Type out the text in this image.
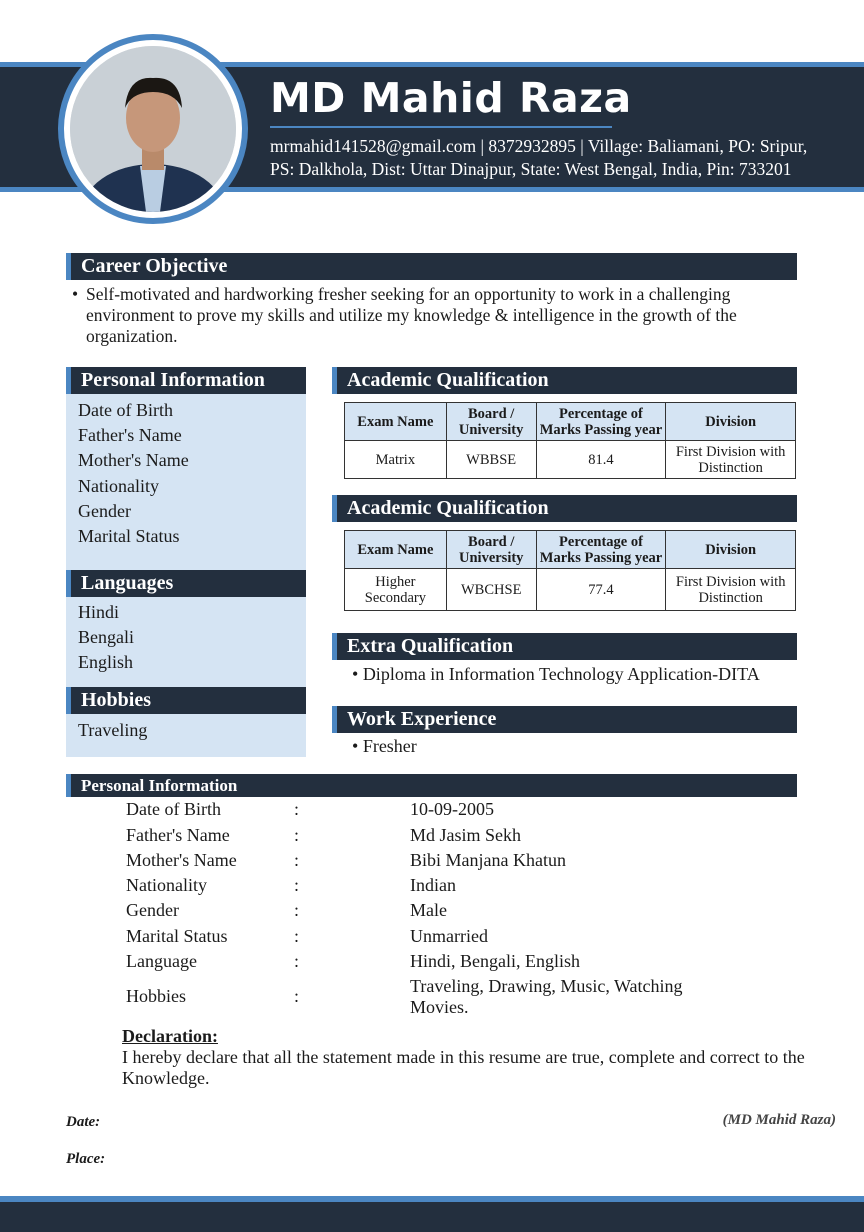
MD Mahid Raza
mrmahid141528@gmail.com | 8372932895 | Village: Baliamani, PO: Sripur,
PS: Dalkhola, Dist: Uttar Dinajpur, State: West Bengal, India, Pin: 733201
Career Objective
• Self-motivated and hardworking fresher seeking for an opportunity to work in a challenging environment to prove my skills and utilize my knowledge & intelligence in the growth of the organization.
Personal Information
Date of Birth
Father's Name
Mother's Name
Nationality
Gender
Marital Status
Languages
Hindi
Bengali
English
Hobbies
Traveling
Academic Qualification
Exam Name	Board / University	Percentage of Marks Passing year	Division
Matrix	WBBSE	81.4	First Division with Distinction
Academic Qualification
Exam Name	Board / University	Percentage of Marks Passing year	Division
Higher Secondary	WBCHSE	77.4	First Division with Distinction
Extra Qualification
• Diploma in Information Technology Application-DITA
Work Experience
• Fresher
Personal Information
Date of Birth	:	10-09-2005
Father's Name	:	Md Jasim Sekh
Mother's Name	:	Bibi Manjana Khatun
Nationality	:	Indian
Gender	:	Male
Marital Status	:	Unmarried
Language	:	Hindi, Bengali, English
Hobbies	:	Traveling, Drawing, Music, Watching Movies.
Declaration:
I hereby declare that all the statement made in this resume are true, complete and correct to the Knowledge.
Date:
Place:
(MD Mahid Raza)
